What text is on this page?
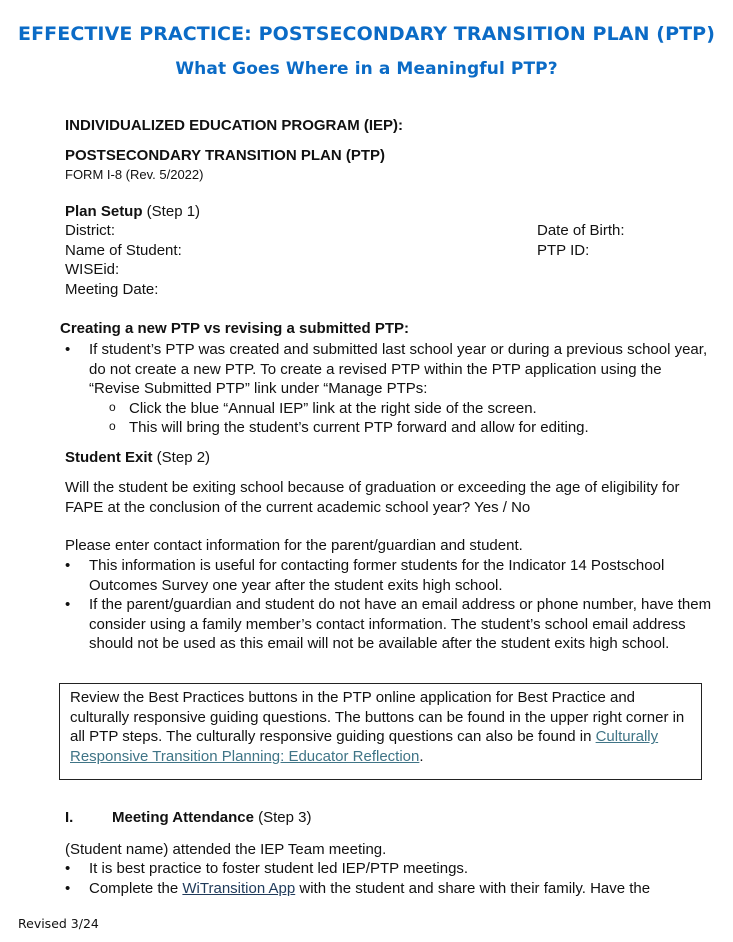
EFFECTIVE PRACTICE: POSTSECONDARY TRANSITION PLAN (PTP)
What Goes Where in a Meaningful PTP?
INDIVIDUALIZED EDUCATION PROGRAM (IEP):
POSTSECONDARY TRANSITION PLAN (PTP)
FORM I-8 (Rev. 5/2022)
Plan Setup (Step 1)
District:
Name of Student:
WISEid:
Meeting Date:
Date of Birth:
PTP ID:
Creating a new PTP vs revising a submitted PTP:
• If student’s PTP was created and submitted last school year or during a previous school year, do not create a new PTP. To create a revised PTP within the PTP application using the “Revise Submitted PTP” link under “Manage PTPs:
o Click the blue “Annual IEP” link at the right side of the screen.
o This will bring the student’s current PTP forward and allow for editing.
Student Exit (Step 2)
Will the student be exiting school because of graduation or exceeding the age of eligibility for FAPE at the conclusion of the current academic school year? Yes / No
Please enter contact information for the parent/guardian and student.
• This information is useful for contacting former students for the Indicator 14 Postschool Outcomes Survey one year after the student exits high school.
• If the parent/guardian and student do not have an email address or phone number, have them consider using a family member’s contact information. The student’s school email address should not be used as this email will not be available after the student exits high school.
Review the Best Practices buttons in the PTP online application for Best Practice and culturally responsive guiding questions. The buttons can be found in the upper right corner in all PTP steps. The culturally responsive guiding questions can also be found in Culturally Responsive Transition Planning: Educator Reflection.
I.	Meeting Attendance (Step 3)
(Student name) attended the IEP Team meeting.
• It is best practice to foster student led IEP/PTP meetings.
• Complete the WiTransition App with the student and share with their family. Have the
Revised 3/24
